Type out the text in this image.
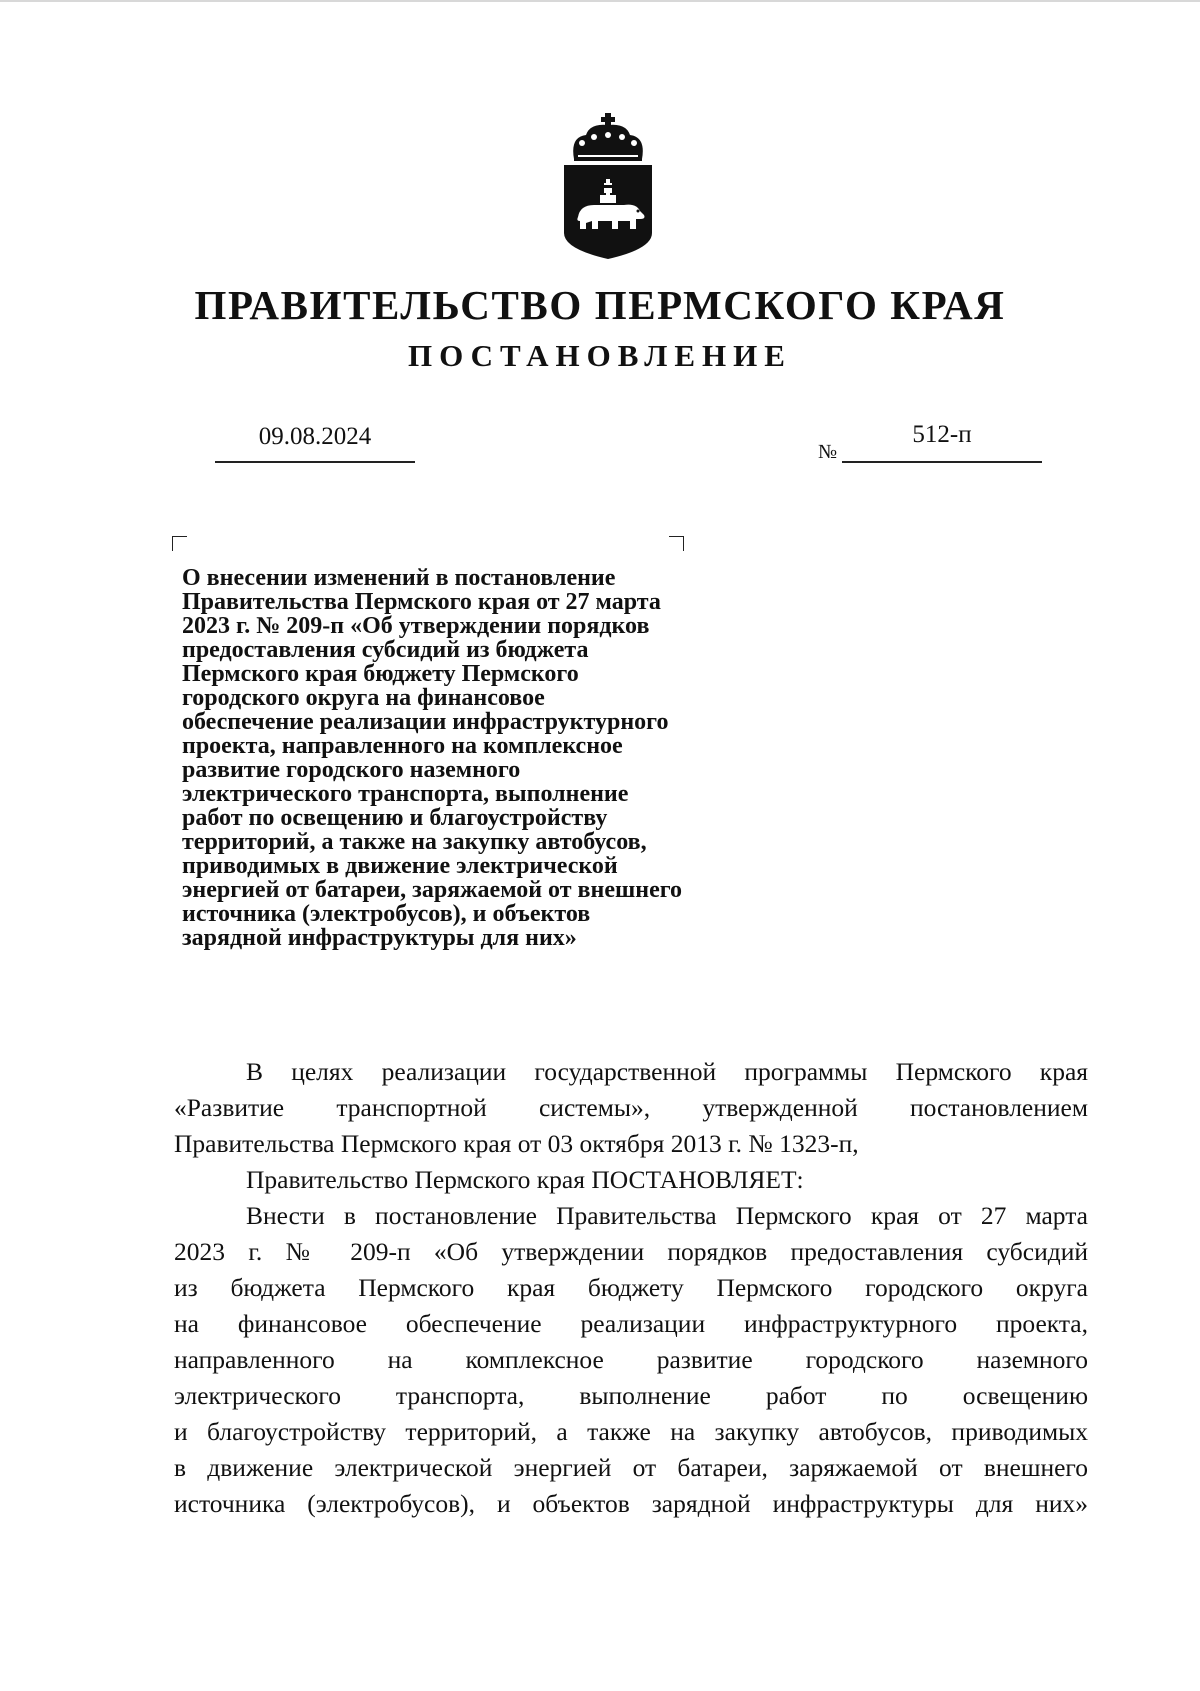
ПРАВИТЕЛЬСТВО ПЕРМСКОГО КРАЯ
ПОСТАНОВЛЕНИЕ
09.08.2024
№
512-п
О внесении изменений в постановление
Правительства Пермского края от 27 марта
2023 г. № 209-п «Об утверждении порядков
предоставления субсидий из бюджета
Пермского края бюджету Пермского
городского округа на финансовое
обеспечение реализации инфраструктурного
проекта, направленного на комплексное
развитие городского наземного
электрического транспорта, выполнение
работ по освещению и благоустройству
территорий, а также на закупку автобусов,
приводимых в движение электрической
энергией от батареи, заряжаемой от внешнего
источника (электробусов), и объектов
зарядной инфраструктуры для них»
В целях реализации государственной программы Пермского края
«Развитие транспортной системы», утвержденной постановлением
Правительства Пермского края от 03 октября 2013 г. № 1323-п,
Правительство Пермского края ПОСТАНОВЛЯЕТ:
Внести в постановление Правительства Пермского края от 27 марта
2023 г. № 209-п «Об утверждении порядков предоставления субсидий
из бюджета Пермского края бюджету Пермского городского округа
на финансовое обеспечение реализации инфраструктурного проекта,
направленного на комплексное развитие городского наземного
электрического транспорта, выполнение работ по освещению
и благоустройству территорий, а также на закупку автобусов, приводимых
в движение электрической энергией от батареи, заряжаемой от внешнего
источника (электробусов), и объектов зарядной инфраструктуры для них»
